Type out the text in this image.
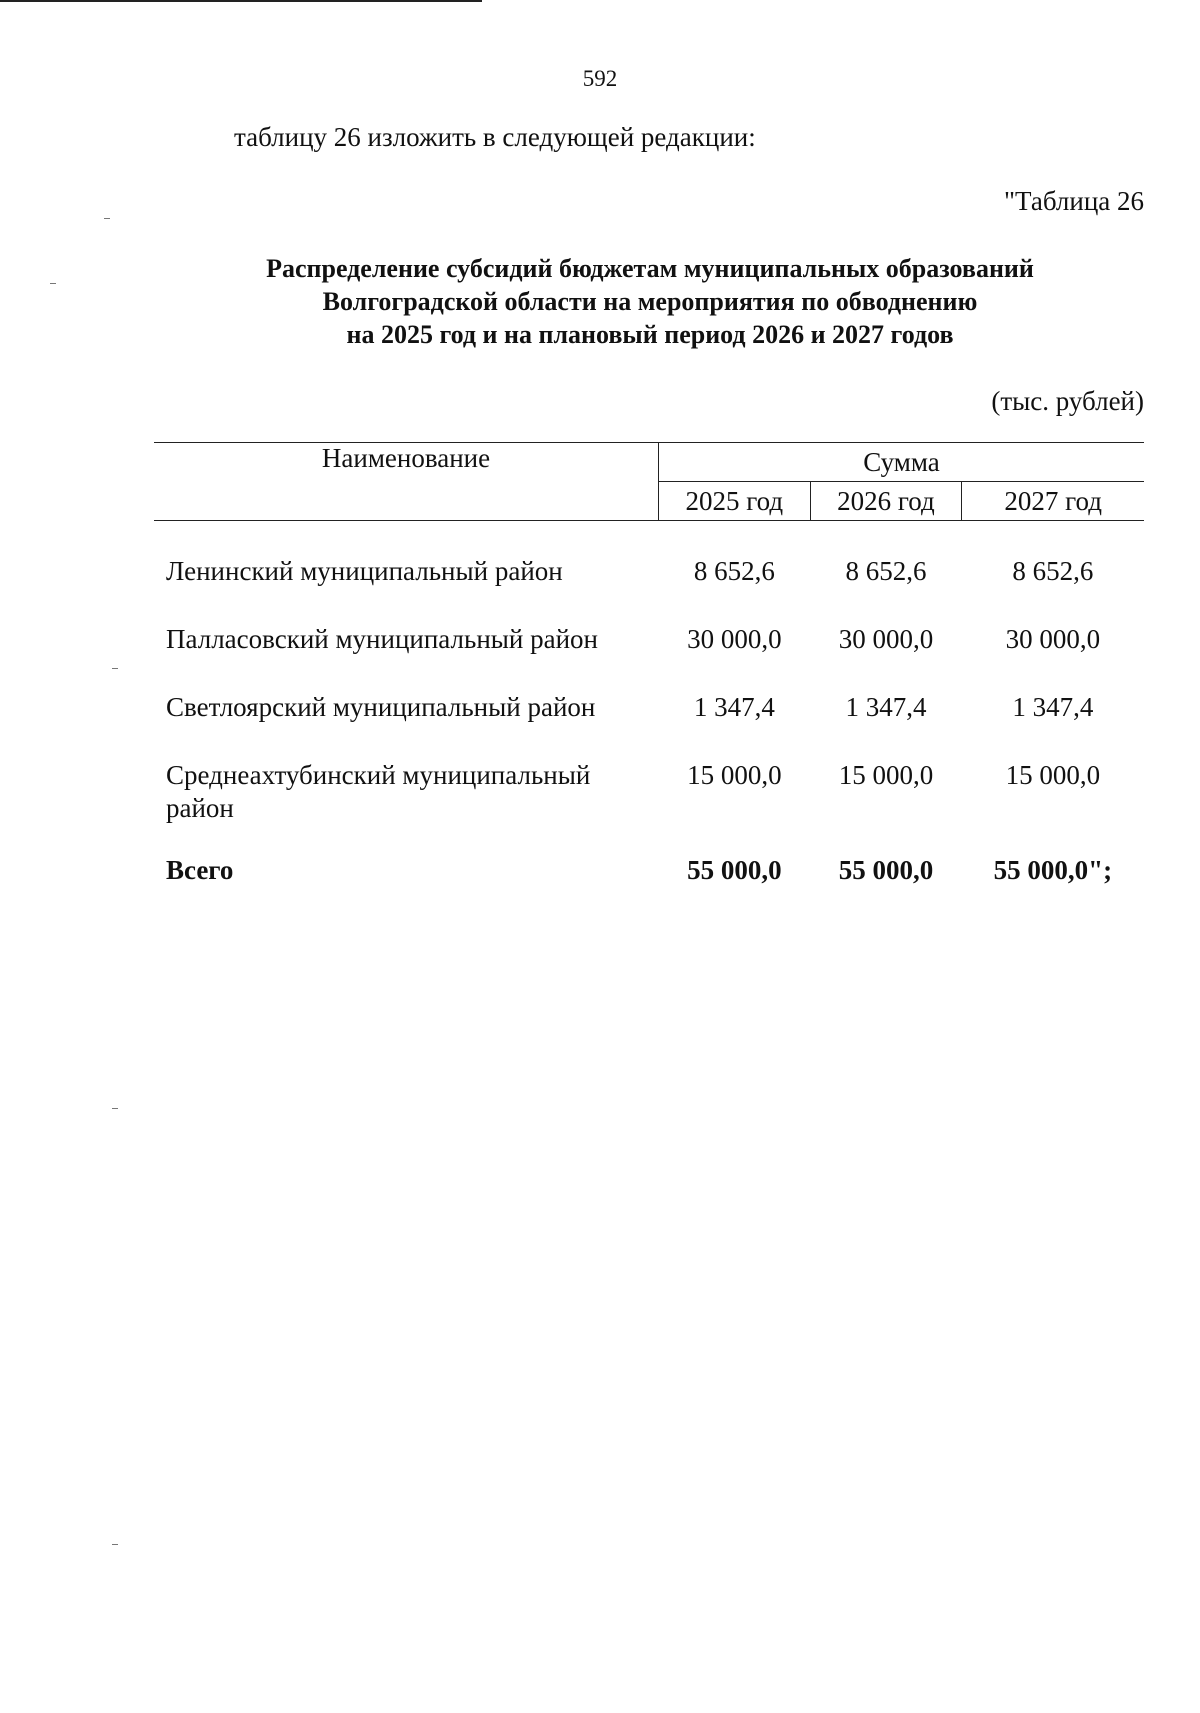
592
таблицу 26 изложить в следующей редакции:
"Таблица 26
Распределение субсидий бюджетам муниципальных образований
Волгоградской области на мероприятия по обводнению
на 2025 год и на плановый период 2026 и 2027 годов
(тыс. рублей)
Наименование	Сумма		
	2025 год	2026 год	2027 год

Ленинский муниципальный район	8 652,6	8 652,6	8 652,6
Палласовский муниципальный район	30 000,0	30 000,0	30 000,0
Светлоярский муниципальный район	1 347,4	1 347,4	1 347,4
Среднеахтубинский муниципальный район	15 000,0	15 000,0	15 000,0
Всего	55 000,0	55 000,0	55 000,0";
